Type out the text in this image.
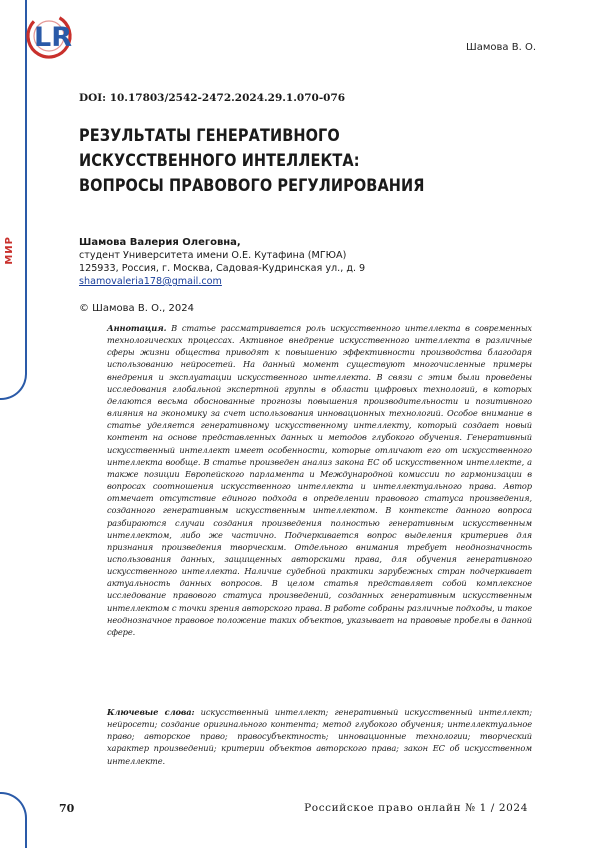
МИР
LR	Шамова В. О.
DOI: 10.17803/2542-2472.2024.29.1.070-076
РЕЗУЛЬТАТЫ ГЕНЕРАТИВНОГО
ИСКУССТВЕННОГО ИНТЕЛЛЕКТА:
ВОПРОСЫ ПРАВОВОГО РЕГУЛИРОВАНИЯ
Шамова Валерия Олеговна,
студент Университета имени О.Е. Кутафина (МГЮА)
125933, Россия, г. Москва, Садовая-Кудринская ул., д. 9
shamovaleria178@gmail.com
© Шамова В. О., 2024

Аннотация. В статье рассматривается роль искусственного интеллекта в современных технологических процессах. Активное внедрение искусственного интеллекта в различные сферы жизни общества приводят к повышению эффективности производства благодаря использованию нейросетей. На данный момент существуют многочисленные примеры внедрения и эксплуатации искусственного интеллекта. В связи с этим были проведены исследования глобальной экспертной группы в области цифровых технологий, в которых делаются весьма обоснованные прогнозы повышения производительности и позитивного влияния на экономику за счет использования инновационных технологий. Особое внимание в статье уделяется генеративному искусственному интеллекту, который создает новый контент на основе представленных данных и методов глубокого обучения. Генеративный искусственный интеллект имеет особенности, которые отличают его от искусственного интеллекта вообще. В статье произведен анализ закона ЕС об искусственном интеллекте, а также позиции Европейского парламента и Международной комиссии по гармонизации в вопросах соотношения искусственного интеллекта и интеллектуального права. Автор отмечает отсутствие единого подхода в определении правового статуса произведения, созданного генеративным искусственным интеллектом. В контексте данного вопроса разбираются случаи создания произведения полностью генеративным искусственным интеллектом, либо же частично. Подчеркивается вопрос выделения критериев для признания произведения творческим. Отдельного внимания требует неоднозначность использования данных, защищенных авторскими права, для обучения генеративного искусственного интеллекта. Наличие судебной практики зарубежных стран подчеркивает актуальность данных вопросов. В целом статья представляет собой комплексное исследование правового статуса произведений, созданных генеративным искусственным интеллектом с точки зрения авторского права. В работе собраны различные подходы, и такое неоднозначное правовое положение таких объектов, указывает на правовые пробелы в данной сфере.

Ключевые слова: искусственный интеллект; генеративный искусственный интеллект; нейросети; создание оригинального контента; метод глубокого обучения; интеллектуальное право; авторское право; правосубъектность; инновационные технологии; творческий характер произведений; критерии объектов авторского права; закон ЕС об искусственном интеллекте.

70	Российское право онлайн № 1 / 2024
